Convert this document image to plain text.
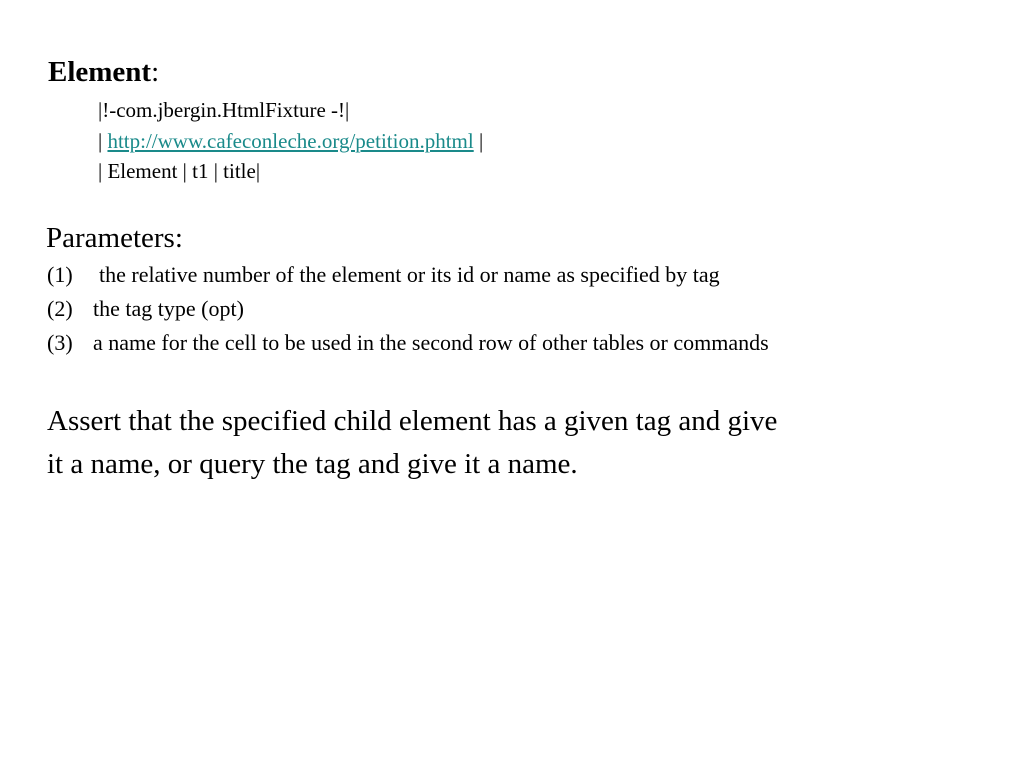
Element:
|!-com.jbergin.HtmlFixture -!|
| http://www.cafeconleche.org/petition.phtml |
| Element | t1 | title|
Parameters:
(1) the relative number of the element or its id or name as specified by tag
(2) the tag type (opt)
(3) a name for the cell to be used in the second row of other tables or commands
Assert that the specified child element has a given tag and give
it a name, or query the tag and give it a name.
